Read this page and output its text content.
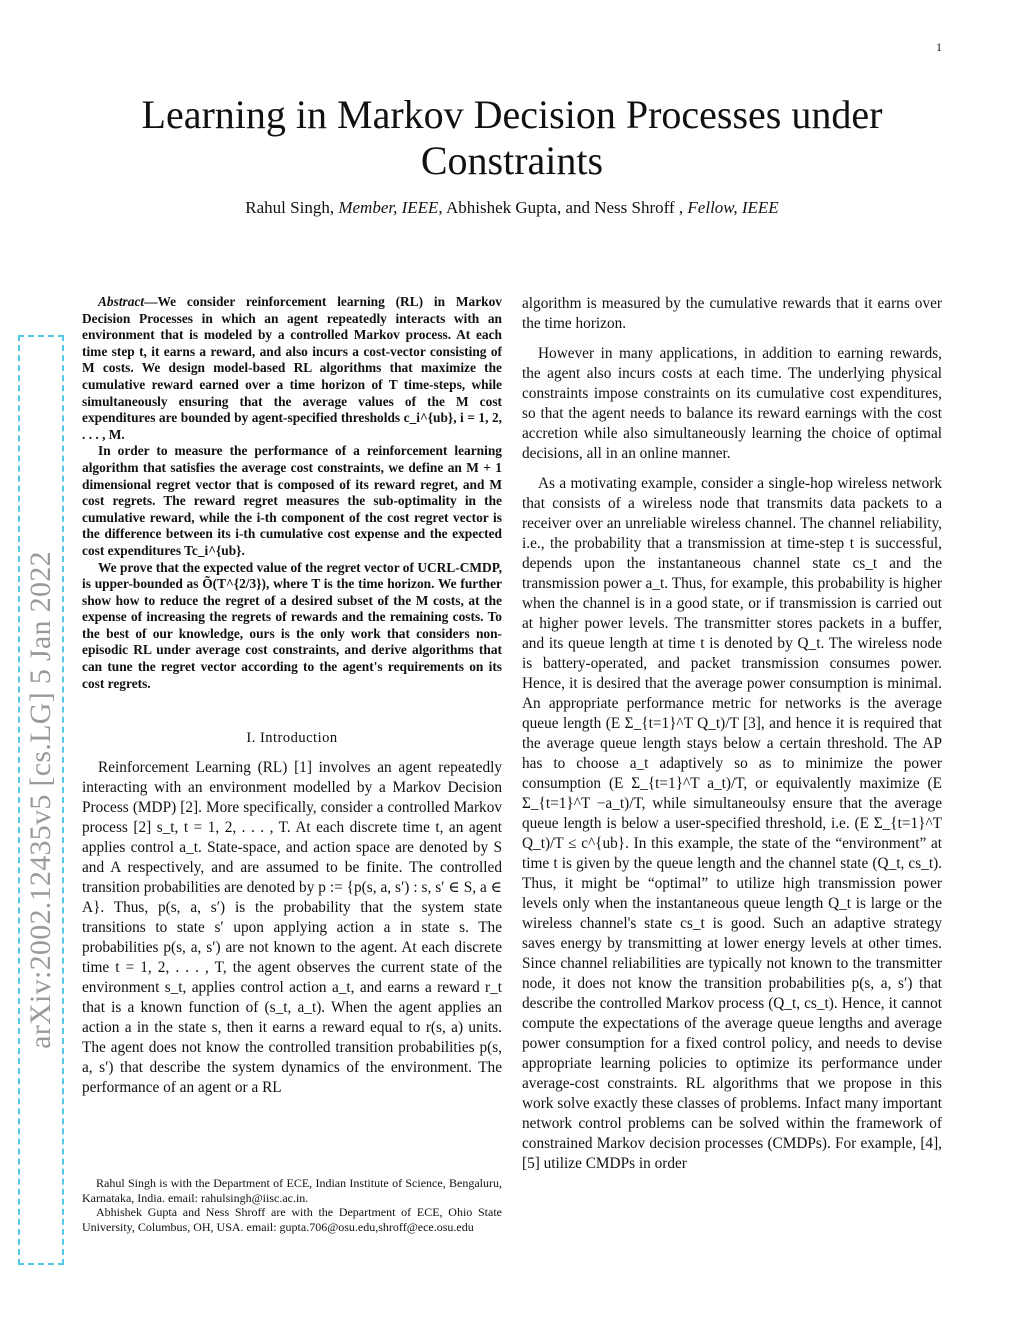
1
arXiv:2002.12435v5 [cs.LG] 5 Jan 2022
Learning in Markov Decision Processes under Constraints
Rahul Singh, Member, IEEE, Abhishek Gupta, and Ness Shroff , Fellow, IEEE

Abstract—We consider reinforcement learning (RL) in Markov Decision Processes in which an agent repeatedly interacts with an environment that is modeled by a controlled Markov process. At each time step t, it earns a reward, and also incurs a cost-vector consisting of M costs. We design model-based RL algorithms that maximize the cumulative reward earned over a time horizon of T time-steps, while simultaneously ensuring that the average values of the M cost expenditures are bounded by agent-specified thresholds c_i^{ub}, i = 1, 2, . . . , M.

In order to measure the performance of a reinforcement learning algorithm that satisfies the average cost constraints, we define an M + 1 dimensional regret vector that is composed of its reward regret, and M cost regrets. The reward regret measures the sub-optimality in the cumulative reward, while the i-th component of the cost regret vector is the difference between its i-th cumulative cost expense and the expected cost expenditures Tc_i^{ub}.

We prove that the expected value of the regret vector of UCRL-CMDP, is upper-bounded as Õ(T^{2/3}), where T is the time horizon. We further show how to reduce the regret of a desired subset of the M costs, at the expense of increasing the regrets of rewards and the remaining costs. To the best of our knowledge, ours is the only work that considers non-episodic RL under average cost constraints, and derive algorithms that can tune the regret vector according to the agent's requirements on its cost regrets.

I. Introduction

Reinforcement Learning (RL) [1] involves an agent repeatedly interacting with an environment modelled by a Markov Decision Process (MDP) [2]. More specifically, consider a controlled Markov process [2] s_t, t = 1, 2, . . . , T. At each discrete time t, an agent applies control a_t. State-space, and action space are denoted by S and A respectively, and are assumed to be finite. The controlled transition probabilities are denoted by p := {p(s, a, s′) : s, s′ ∈ S, a ∈ A}. Thus, p(s, a, s′) is the probability that the system state transitions to state s′ upon applying action a in state s. The probabilities p(s, a, s′) are not known to the agent. At each discrete time t = 1, 2, . . . , T, the agent observes the current state of the environment s_t, applies control action a_t, and earns a reward r_t that is a known function of (s_t, a_t). When the agent applies an action a in the state s, then it earns a reward equal to r(s, a) units. The agent does not know the controlled transition probabilities p(s, a, s′) that describe the system dynamics of the environment. The performance of an agent or a RL

algorithm is measured by the cumulative rewards that it earns over the time horizon.

However in many applications, in addition to earning rewards, the agent also incurs costs at each time. The underlying physical constraints impose constraints on its cumulative cost expenditures, so that the agent needs to balance its reward earnings with the cost accretion while also simultaneously learning the choice of optimal decisions, all in an online manner.

As a motivating example, consider a single-hop wireless network that consists of a wireless node that transmits data packets to a receiver over an unreliable wireless channel. The channel reliability, i.e., the probability that a transmission at time-step t is successful, depends upon the instantaneous channel state cs_t and the transmission power a_t. Thus, for example, this probability is higher when the channel is in a good state, or if transmission is carried out at higher power levels. The transmitter stores packets in a buffer, and its queue length at time t is denoted by Q_t. The wireless node is battery-operated, and packet transmission consumes power. Hence, it is desired that the average power consumption is minimal. An appropriate performance metric for networks is the average queue length (E Σ_{t=1}^T Q_t)/T [3], and hence it is required that the average queue length stays below a certain threshold. The AP has to choose a_t adaptively so as to minimize the power consumption (E Σ_{t=1}^T a_t)/T, or equivalently maximize (E Σ_{t=1}^T −a_t)/T, while simultaneoulsy ensure that the average queue length is below a user-specified threshold, i.e. (E Σ_{t=1}^T Q_t)/T ≤ c^{ub}. In this example, the state of the “environment” at time t is given by the queue length and the channel state (Q_t, cs_t). Thus, it might be “optimal” to utilize high transmission power levels only when the instantaneous queue length Q_t is large or the wireless channel's state cs_t is good. Such an adaptive strategy saves energy by transmitting at lower energy levels at other times. Since channel reliabilities are typically not known to the transmitter node, it does not know the transition probabilities p(s, a, s′) that describe the controlled Markov process (Q_t, cs_t). Hence, it cannot compute the expectations of the average queue lengths and average power consumption for a fixed control policy, and needs to devise appropriate learning policies to optimize its performance under average-cost constraints. RL algorithms that we propose in this work solve exactly these classes of problems. Infact many important network control problems can be solved within the framework of constrained Markov decision processes (CMDPs). For example, [4], [5] utilize CMDPs in order

Rahul Singh is with the Department of ECE, Indian Institute of Science, Bengaluru, Karnataka, India. email: rahulsingh@iisc.ac.in.

Abhishek Gupta and Ness Shroff are with the Department of ECE, Ohio State University, Columbus, OH, USA. email: gupta.706@osu.edu,shroff@ece.osu.edu
